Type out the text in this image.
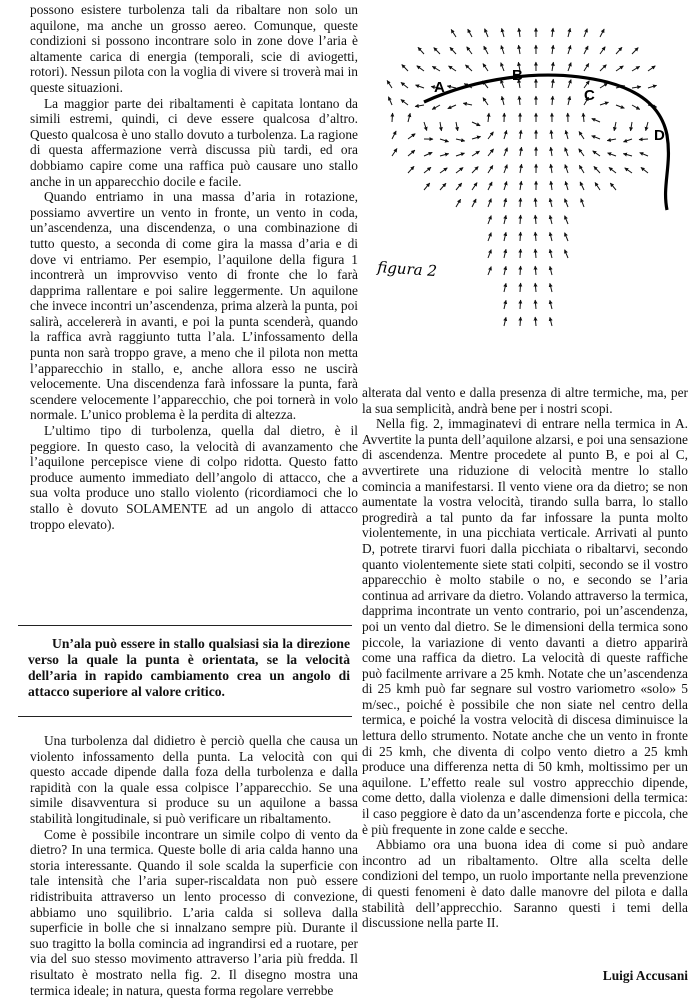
A
B
C
D
figura 2

possono esistere turbolenza tali da ribaltare non solo un aquilone, ma anche un grosso aereo. Comunque, queste condizioni si possono incontrare solo in zone dove l’aria è altamente carica di energia (temporali, scie di aviogetti, rotori). Nessun pilota con la voglia di vivere si troverà mai in queste situazioni.

La maggior parte dei ribaltamenti è capitata lontano da simili estremi, quindi, ci deve essere qualcosa d’altro. Questo qualcosa è uno stallo dovuto a turbolenza. La ragione di questa affermazione verrà discussa più tardi, ed ora dobbiamo capire come una raffica può causare uno stallo anche in un apparecchio docile e facile.

Quando entriamo in una massa d’aria in rotazione, possiamo avvertire un vento in fronte, un vento in coda, un’ascendenza, una discendenza, o una combinazione di tutto questo, a seconda di come gira la massa d’aria e di dove vi entriamo. Per esempio, l’aquilone della figura 1 incontrerà un improvviso vento di fronte che lo farà dapprima rallentare e poi salire leggermente. Un aquilone che invece incontri un’ascendenza, prima alzerà la punta, poi salirà, accelererà in avanti, e poi la punta scenderà, quando la raffica avrà raggiunto tutta l’ala. L’infossamento della punta non sarà troppo grave, a meno che il pilota non metta l’apparecchio in stallo, e, anche allora esso ne uscirà velocemente. Una discendenza farà infossare la punta, farà scendere velocemente l’apparecchio, che poi tornerà in volo normale. L’unico problema è la perdita di altezza.

L’ultimo tipo di turbolenza, quella dal dietro, è il peggiore. In questo caso, la velocità di avanzamento che l’aquilone percepisce viene di colpo ridotta. Questo fatto produce aumento immediato dell’angolo di attacco, che a sua volta produce uno stallo violento (ricordiamoci che lo stallo è dovuto SOLAMENTE ad un angolo di attacco troppo elevato).

Un’ala può essere in stallo qualsiasi sia la direzione verso la quale la punta è orientata, se la velocità dell’aria in rapido cambiamento crea un angolo di attacco superiore al valore critico.

Una turbolenza dal didietro è perciò quella che causa un violento infossamento della punta. La velocità con qui questo accade dipende dalla foza della turbolenza e dalla rapidità con la quale essa colpisce l’apparecchio. Se una simile disavventura si produce su un aquilone a bassa stabilità longitudinale, si può verificare un ribaltamento.

Come è possibile incontrare un simile colpo di vento da dietro? In una termica. Queste bolle di aria calda hanno una storia interessante. Quando il sole scalda la superficie con tale intensità che l’aria super-riscaldata non può essere ridistribuita attraverso un lento processo di convezione, abbiamo uno squilibrio. L’aria calda si solleva dalla superficie in bolle che si innalzano sempre più. Durante il suo tragitto la bolla comincia ad ingrandirsi ed a ruotare, per via del suo stesso movimento attraverso l’aria più fredda. Il risultato è mostrato nella fig. 2. Il disegno mostra una termica ideale; in natura, questa forma regolare verrebbe

alterata dal vento e dalla presenza di altre termiche, ma, per la sua semplicità, andrà bene per i nostri scopi.

Nella fig. 2, immaginatevi di entrare nella termica in A. Avvertite la punta dell’aquilone alzarsi, e poi una sensazione di ascendenza. Mentre procedete al punto B, e poi al C, avvertirete una riduzione di velocità mentre lo stallo comincia a manifestarsi. Il vento viene ora da dietro; se non aumentate la vostra velocità, tirando sulla barra, lo stallo progredirà a tal punto da far infossare la punta molto violentemente, in una picchiata verticale. Arrivati al punto D, potrete tirarvi fuori dalla picchiata o ribaltarvi, secondo quanto violentemente siete stati colpiti, secondo se il vostro apparecchio è molto stabile o no, e secondo se l’aria continua ad arrivare da dietro. Volando attraverso la termica, dapprima incontrate un vento contrario, poi un’ascendenza, poi un vento dal dietro. Se le dimensioni della termica sono piccole, la variazione di vento davanti a dietro apparirà come una raffica da dietro. La velocità di queste raffiche può facilmente arrivare a 25 kmh. Notate che un’ascendenza di 25 kmh può far segnare sul vostro variometro «solo» 5 m/sec., poiché è possibile che non siate nel centro della termica, e poiché la vostra velocità di discesa diminuisce la lettura dello strumento. Notate anche che un vento in fronte di 25 kmh, che diventa di colpo vento dietro a 25 kmh produce una differenza netta di 50 kmh, moltissimo per un aquilone. L’effetto reale sul vostro apprecchio dipende, come detto, dalla violenza e dalle dimensioni della termica: il caso peggiore è dato da un’ascendenza forte e piccola, che è più frequente in zone calde e secche.

Abbiamo ora una buona idea di come si può andare incontro ad un ribaltamento. Oltre alla scelta delle condizioni del tempo, un ruolo importante nella prevenzione di questi fenomeni è dato dalle manovre del pilota e dalla stabilità dell’apprecchio. Saranno questi i temi della discussione nella parte II.

Luigi Accusani
